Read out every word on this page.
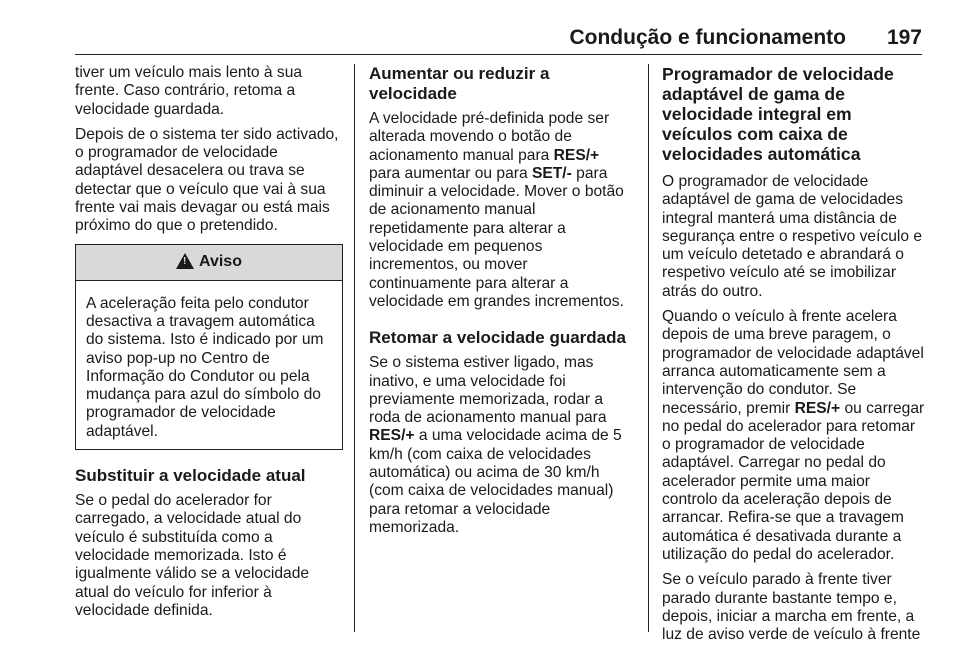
Condução e funcionamento 197

tiver um veículo mais lento à sua frente. Caso contrário, retoma a velocidade guardada.

Depois de o sistema ter sido activado, o programador de velocidade adaptável desacelera ou trava se detectar que o veículo que vai à sua frente vai mais devagar ou está mais próximo do que o pretendido.

!
Aviso
A aceleração feita pelo condutor desactiva a travagem automática do sistema. Isto é indicado por um aviso pop-up no Centro de Informação do Condutor ou pela mudança para azul do símbolo do programador de velocidade adaptável.
Substituir a velocidade atual

Se o pedal do acelerador for carregado, a velocidade atual do veículo é substituída como a velocidade memorizada. Isto é igualmente válido se a velocidade atual do veículo for inferior à velocidade definida.

Aumentar ou reduzir a velocidade

A velocidade pré-definida pode ser alterada movendo o botão de acionamento manual para RES/+ para aumentar ou para SET/- para diminuir a velocidade. Mover o botão de acionamento manual repetidamente para alterar a velocidade em pequenos incrementos, ou mover continuamente para alterar a velocidade em grandes incrementos.

Retomar a velocidade guardada

Se o sistema estiver ligado, mas inativo, e uma velocidade foi previamente memorizada, rodar a roda de acionamento manual para RES/+ a uma velocidade acima de 5 km/h (com caixa de velocidades automática) ou acima de 30 km/h (com caixa de velocidades manual) para retomar a velocidade memorizada.

Programador de velocidade adaptável de gama de velocidade integral em veículos com caixa de velocidades automática

O programador de velocidade adaptável de gama de velocidades integral manterá uma distância de segurança entre o respetivo veículo e um veículo detetado e abrandará o respetivo veículo até se imobilizar atrás do outro.

Quando o veículo à frente acelera depois de uma breve paragem, o programador de velocidade adaptável arranca automaticamente sem a intervenção do condutor. Se necessário, premir RES/+ ou carregar no pedal do acelerador para retomar o programador de velocidade adaptável. Carregar no pedal do acelerador permite uma maior controlo da aceleração depois de arrancar. Refira-se que a travagem automática é desativada durante a utilização do pedal do acelerador.

Se o veículo parado à frente tiver parado durante bastante tempo e, depois, iniciar a marcha em frente, a luz de aviso verde de veículo à frente
